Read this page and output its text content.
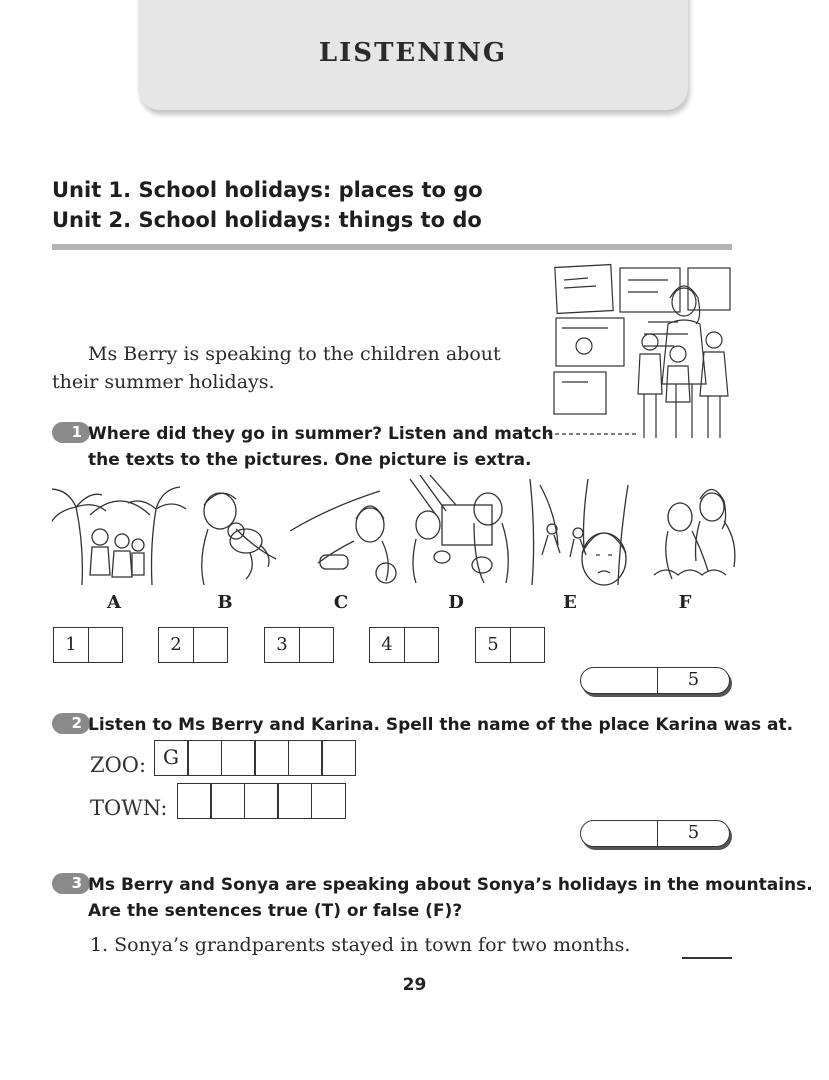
LISTENING
Unit 1. School holidays: places to go
Unit 2. School holidays: things to do
Ms Berry is speaking to the children about their summer holidays.
1 Where did they go in summer? Listen and match
the texts to the pictures. One picture is extra.
A	B	C	D	E	F
1	2	3	4	5
5
2 Listen to Ms Berry and Karina. Spell the name of the place Karina was at.
ZOO: G
TOWN:
5
3 Ms Berry and Sonya are speaking about Sonya’s holidays in the mountains.
Are the sentences true (T) or false (F)?
1. Sonya’s grandparents stayed in town for two months.
29
